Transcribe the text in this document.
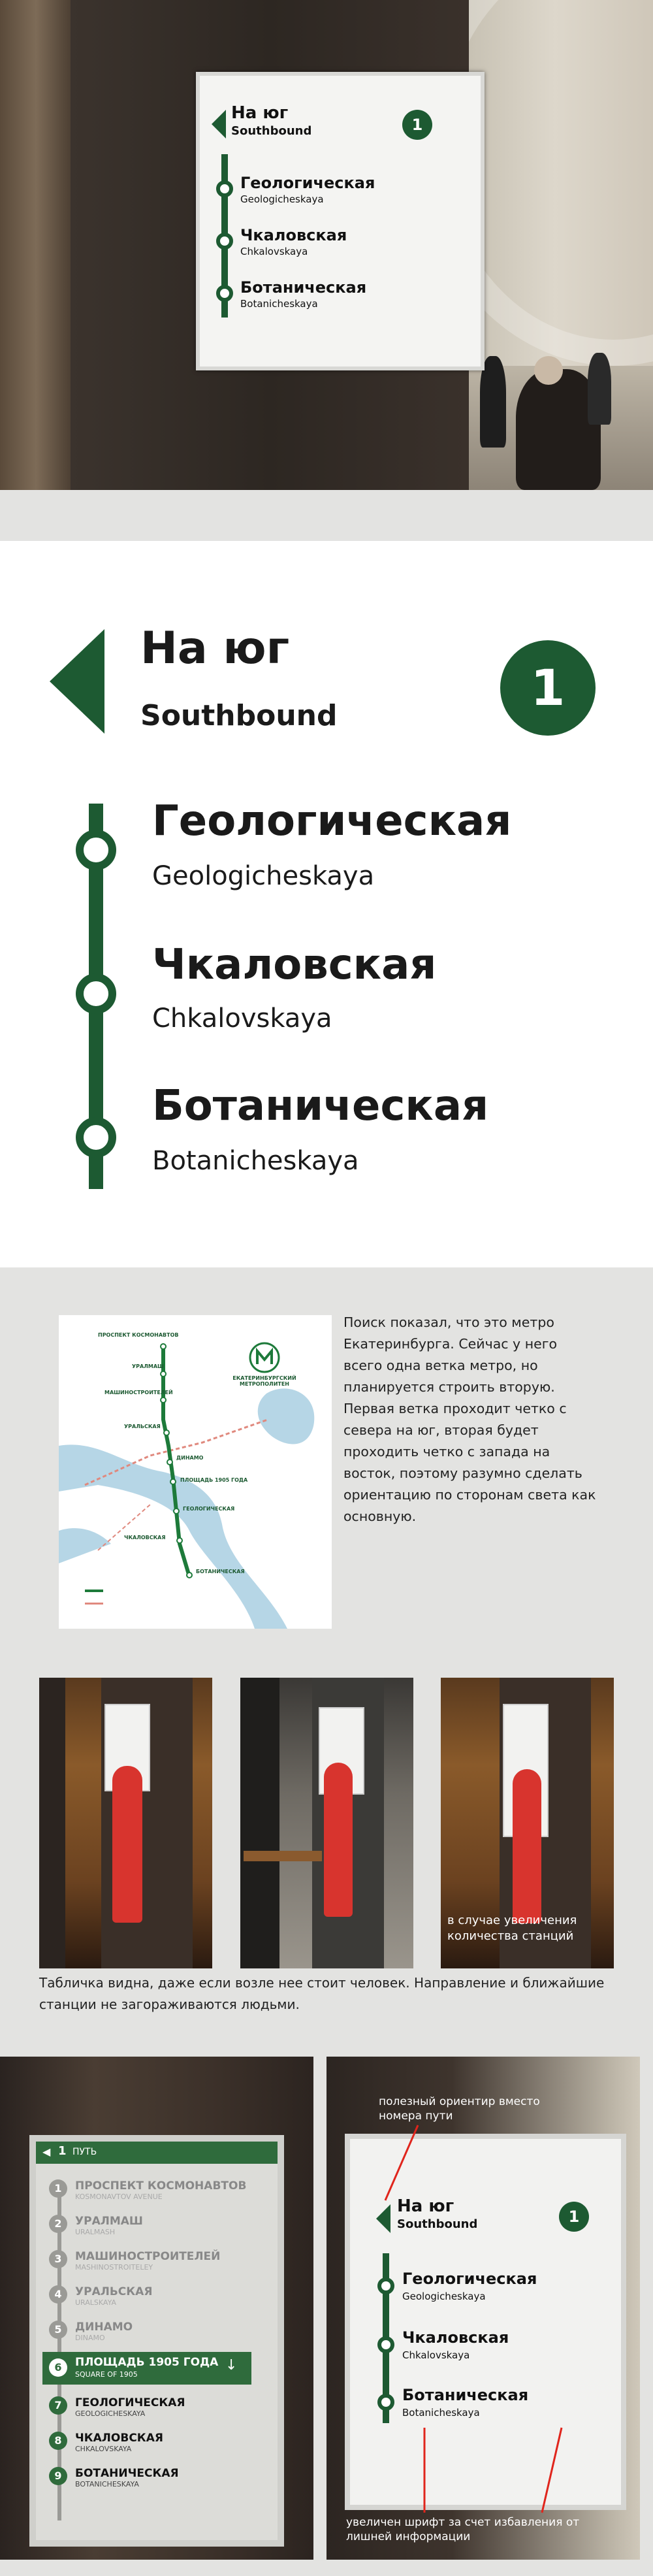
На юг
Southbound	1
Геологическая
Geologicheskaya
Чкаловская
Chkalovskaya
Ботаническая
Botanicheskaya
На юг
Southbound	1
Геологическая
Geologicheskaya
Чкаловская
Chkalovskaya
Ботаническая
Botanicheskaya
ЕКАТЕРИНБУРГСКИЙ МЕТРОПОЛИТЕН
ПРОСПЕКТ КОСМОНАВТОВ
УРАЛМАШ
МАШИНОСТРОИТЕЛЕЙ
УРАЛЬСКАЯ
ДИНАМО
ПЛОЩАДЬ 1905 ГОДА
ГЕОЛОГИЧЕСКАЯ
ЧКАЛОВСКАЯ
БОТАНИЧЕСКАЯ
Поиск показал, что это метро Екатеринбурга. Сейчас у него всего одна ветка метро, но планируется строить вторую. Первая ветка проходит четко с севера на юг, вторая будет проходить четко с запада на восток, поэтому разумно сделать ориентацию по сторонам света как основную.
в случае увеличения количества станций
Табличка видна, даже если возле нее стоит человек. Направление и ближайшие станции не загораживаются людьми.
◀ 1 ПУТЬ
1	ПРОСПЕКТ КОСМОНАВТОВ
KOSMONAVTOV AVENUE
2	УРАЛМАШ
URALMASH
3	МАШИНОСТРОИТЕЛЕЙ
MASHINOSTROITELEY
4	УРАЛЬСКАЯ
URALSKAYA
5	ДИНАМО
DINAMO
6	ПЛОЩАДЬ 1905 ГОДА
SQUARE OF 1905
↓
7	ГЕОЛОГИЧЕСКАЯ
GEOLOGICHESKAYA
8	ЧКАЛОВСКАЯ
CHKALOVSKAYA
9	БОТАНИЧЕСКАЯ
BOTANICHESKAYA
полезный ориентир вместо номера пути
На юг
Southbound	1
Геологическая
Geologicheskaya
Чкаловская
Chkalovskaya
Ботаническая
Botanicheskaya
увеличен шрифт за счет избавления от лишней информации
